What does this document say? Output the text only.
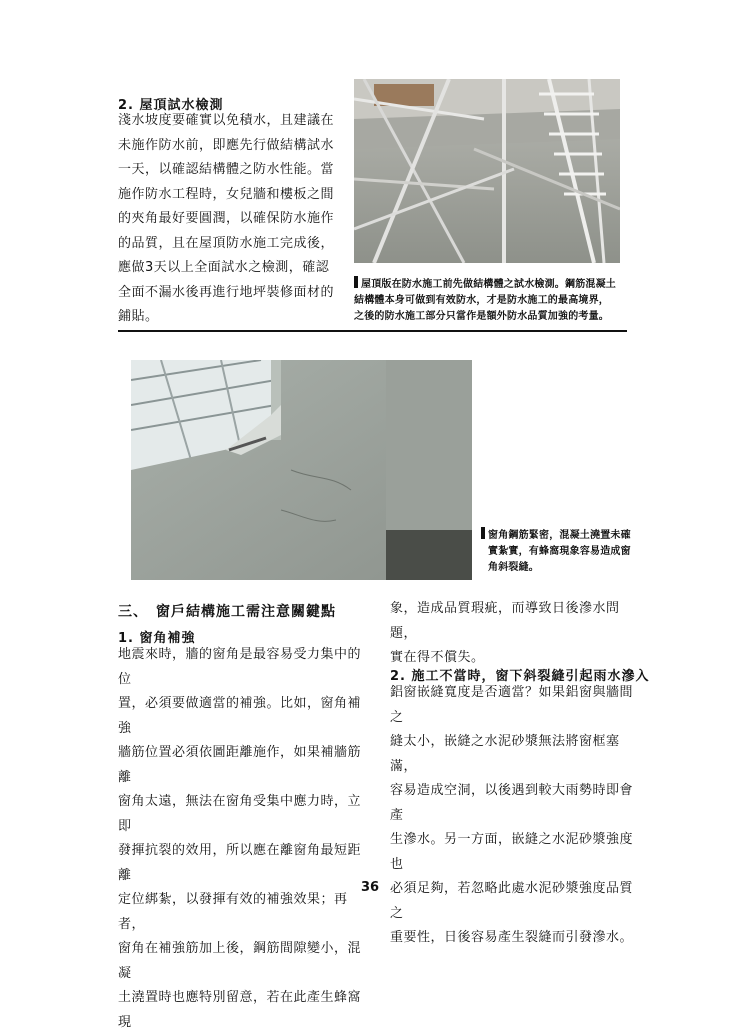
2. 屋頂試水檢測

淺水坡度要確實以免積水，且建議在

未施作防水前，即應先行做結構試水

一天，以確認結構體之防水性能。當

施作防水工程時，女兒牆和樓板之間

的夾角最好要圓潤，以確保防水施作

的品質，且在屋頂防水施工完成後，

應做3天以上全面試水之檢測，確認

全面不漏水後再進行地坪裝修面材的

鋪貼。

屋頂版在防水施工前先做結構體之試水檢測。鋼筋混凝土
結構體本身可做到有效防水，才是防水施工的最高境界，
之後的防水施工部分只當作是額外防水品質加強的考量。
窗角鋼筋緊密，混凝土澆置未確
實紮實，有蜂窩現象容易造成窗
角斜裂縫。
三、　窗戶結構施工需注意關鍵點
1. 窗角補強

地震來時，牆的窗角是最容易受力集中的位

置，必須要做適當的補強。比如，窗角補強

牆筋位置必須依圖距離施作，如果補牆筋離

窗角太遠，無法在窗角受集中應力時，立即

發揮抗裂的效用，所以應在離窗角最短距離

定位綁紮，以發揮有效的補強效果；再者，

窗角在補強筋加上後，鋼筋間隙變小，混凝

土澆置時也應特別留意，若在此產生蜂窩現

象，造成品質瑕疵，而導致日後滲水問題，

實在得不償失。

2. 施工不當時，窗下斜裂縫引起雨水滲入

鋁窗嵌縫寬度是否適當？如果鋁窗與牆間之

縫太小，嵌縫之水泥砂漿無法將窗框塞滿，

容易造成空洞，以後遇到較大雨勢時即會產

生滲水。另一方面，嵌縫之水泥砂漿強度也

必須足夠，若忽略此處水泥砂漿強度品質之

重要性，日後容易產生裂縫而引發滲水。

36
